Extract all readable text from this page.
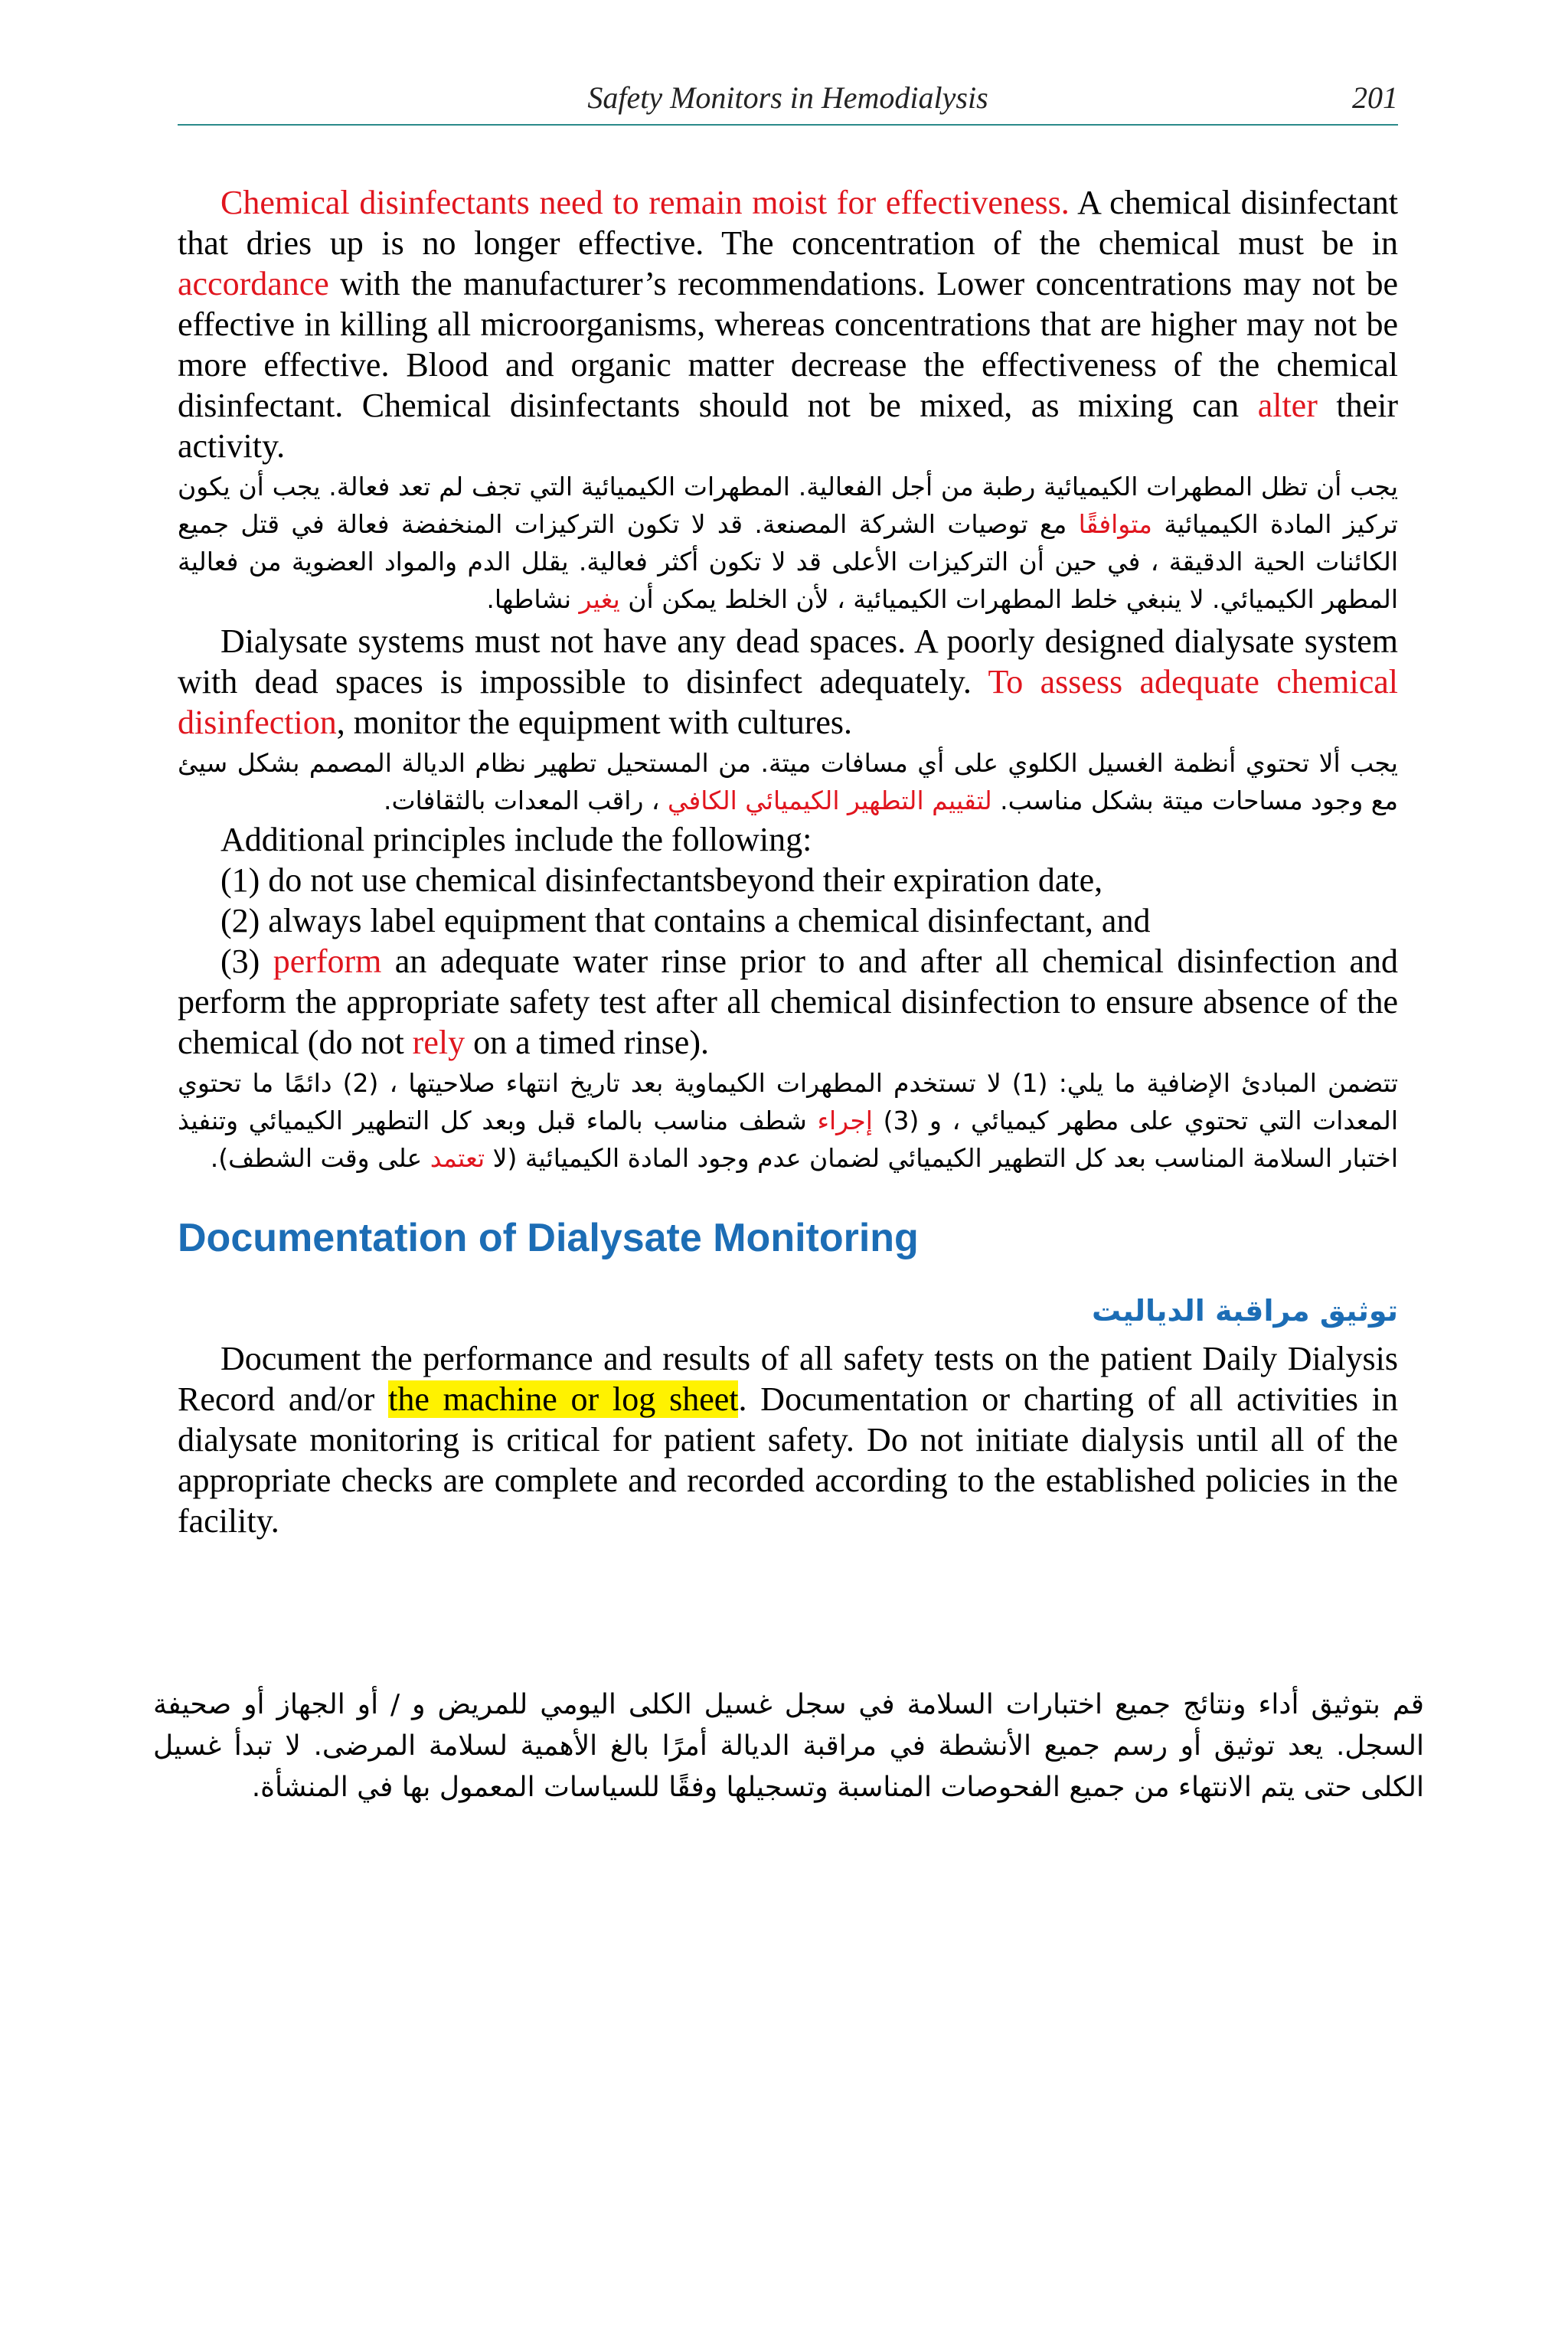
Safety Monitors in Hemodialysis	201

Chemical disinfectants need to remain moist for effectiveness. A chemical disinfectant that dries up is no longer effective. The concentration of the chemical must be in accordance with the manufacturer’s recommendations. Lower concentrations may not be effective in killing all microorganisms, whereas concentrations that are higher may not be more effective. Blood and organic matter decrease the effectiveness of the chemical disinfectant. Chemical disinfectants should not be mixed, as mixing can alter their activity.

يجب أن تظل المطهرات الكيميائية رطبة من أجل الفعالية. المطهرات الكيميائية التي تجف لم تعد فعالة. يجب أن يكون تركيز المادة الكيميائية متوافقًا مع توصيات الشركة المصنعة. قد لا تكون التركيزات المنخفضة فعالة في قتل جميع الكائنات الحية الدقيقة ، في حين أن التركيزات الأعلى قد لا تكون أكثر فعالية. يقلل الدم والمواد العضوية من فعالية المطهر الكيميائي. لا ينبغي خلط المطهرات الكيميائية ، لأن الخلط يمكن أن يغير نشاطها.

Dialysate systems must not have any dead spaces. A poorly designed dialysate system with dead spaces is impossible to disinfect adequately. To assess adequate chemical disinfection, monitor the equipment with cultures.

يجب ألا تحتوي أنظمة الغسيل الكلوي على أي مسافات ميتة. من المستحيل تطهير نظام الديالة المصمم بشكل سيئ مع وجود مساحات ميتة بشكل مناسب. لتقييم التطهير الكيميائي الكافي ، راقب المعدات بالثقافات.

Additional principles include the following:

(1) do not use chemical disinfectantsbeyond their expiration date,

(2) always label equipment that contains a chemical disinfectant, and

(3) perform an adequate water rinse prior to and after all chemical disinfection and perform the appropriate safety test after all chemical disinfection to ensure absence of the chemical (do not rely on a timed rinse).

تتضمن المبادئ الإضافية ما يلي: (1) لا تستخدم المطهرات الكيماوية بعد تاريخ انتهاء صلاحيتها ، (2) دائمًا ما تحتوي المعدات التي تحتوي على مطهر كيميائي ، و (3) إجراء شطف مناسب بالماء قبل وبعد كل التطهير الكيميائي وتنفيذ اختبار السلامة المناسب بعد كل التطهير الكيميائي لضمان عدم وجود المادة الكيميائية (لا تعتمد على وقت الشطف).

Documentation of Dialysate Monitoring
توثيق مراقبة الدياليت

Document the performance and results of all safety tests on the patient Daily Dialysis Record and/or the machine or log sheet. Documentation or charting of all activities in dialysate monitoring is critical for patient safety. Do not initiate dialysis until all of the appropriate checks are complete and recorded according to the established policies in the facility.

قم بتوثيق أداء ونتائج جميع اختبارات السلامة في سجل غسيل الكلى اليومي للمريض و / أو الجهاز أو صحيفة السجل. يعد توثيق أو رسم جميع الأنشطة في مراقبة الديالة أمرًا بالغ الأهمية لسلامة المرضى. لا تبدأ غسيل الكلى حتى يتم الانتهاء من جميع الفحوصات المناسبة وتسجيلها وفقًا للسياسات المعمول بها في المنشأة.
